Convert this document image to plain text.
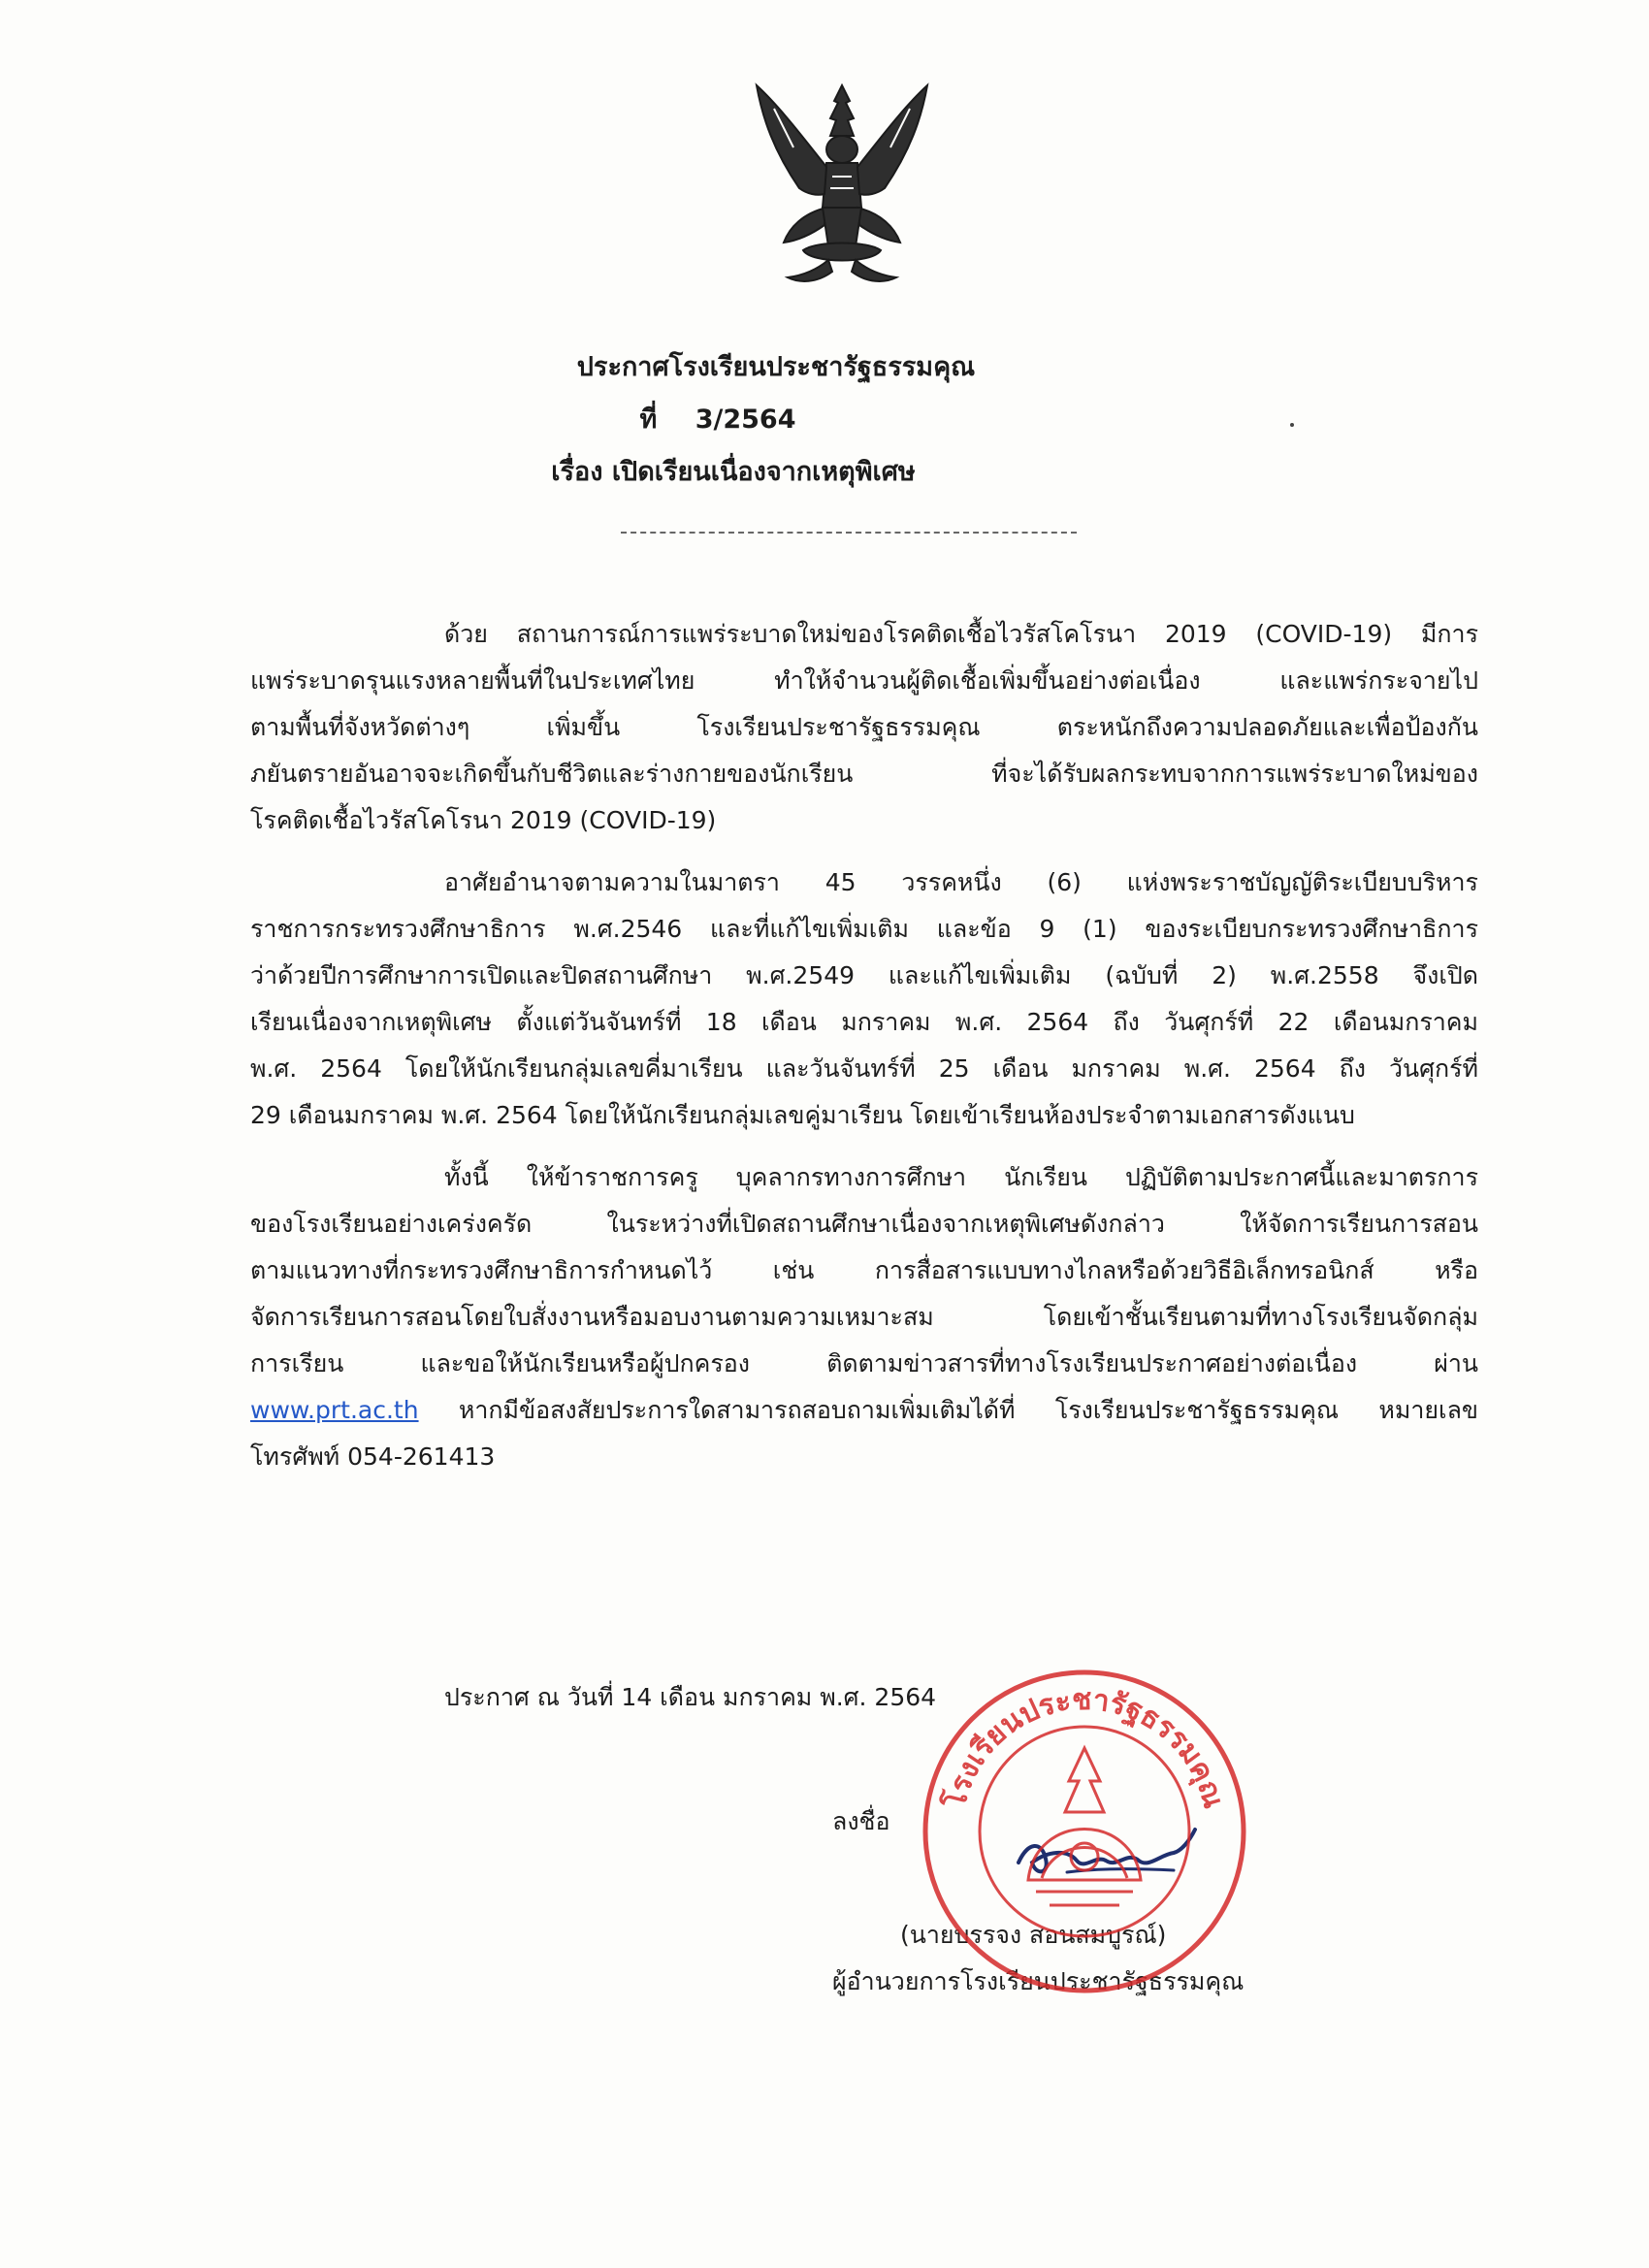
ประกาศโรงเรียนประชารัฐธรรมคุณ
ที่ 3/2564
เรื่อง เปิดเรียนเนื่องจากเหตุพิเศษ

ด้วย สถานการณ์การแพร่ระบาดใหม่ของโรคติดเชื้อไวรัสโคโรนา 2019 (COVID-19) มีการ
แพร่ระบาดรุนแรงหลายพื้นที่ในประเทศไทย ทำให้จำนวนผู้ติดเชื้อเพิ่มขึ้นอย่างต่อเนื่อง และแพร่กระจายไป
ตามพื้นที่จังหวัดต่างๆ เพิ่มขึ้น โรงเรียนประชารัฐธรรมคุณ ตระหนักถึงความปลอดภัยและเพื่อป้องกัน
ภยันตรายอันอาจจะเกิดขึ้นกับชีวิตและร่างกายของนักเรียน ที่จะได้รับผลกระทบจากการแพร่ระบาดใหม่ของ
โรคติดเชื้อไวรัสโคโรนา 2019 (COVID-19)

อาศัยอำนาจตามความในมาตรา 45 วรรคหนึ่ง (6) แห่งพระราชบัญญัติระเบียบบริหาร
ราชการกระทรวงศึกษาธิการ พ.ศ.2546 และที่แก้ไขเพิ่มเติม และข้อ 9 (1) ของระเบียบกระทรวงศึกษาธิการ
ว่าด้วยปีการศึกษาการเปิดและปิดสถานศึกษา พ.ศ.2549 และแก้ไขเพิ่มเติม (ฉบับที่ 2) พ.ศ.2558 จึงเปิด
เรียนเนื่องจากเหตุพิเศษ ตั้งแต่วันจันทร์ที่ 18 เดือน มกราคม พ.ศ. 2564 ถึง วันศุกร์ที่ 22 เดือนมกราคม
พ.ศ. 2564 โดยให้นักเรียนกลุ่มเลขคี่มาเรียน และวันจันทร์ที่ 25 เดือน มกราคม พ.ศ. 2564 ถึง วันศุกร์ที่
29 เดือนมกราคม พ.ศ. 2564 โดยให้นักเรียนกลุ่มเลขคู่มาเรียน โดยเข้าเรียนห้องประจำตามเอกสารดังแนบ

ทั้งนี้ ให้ข้าราชการครู บุคลากรทางการศึกษา นักเรียน ปฏิบัติตามประกาศนี้และมาตรการ
ของโรงเรียนอย่างเคร่งครัด ในระหว่างที่เปิดสถานศึกษาเนื่องจากเหตุพิเศษดังกล่าว ให้จัดการเรียนการสอน
ตามแนวทางที่กระทรวงศึกษาธิการกำหนดไว้ เช่น การสื่อสารแบบทางไกลหรือด้วยวิธีอิเล็กทรอนิกส์ หรือ
จัดการเรียนการสอนโดยใบสั่งงานหรือมอบงานตามความเหมาะสม โดยเข้าชั้นเรียนตามที่ทางโรงเรียนจัดกลุ่ม
การเรียน และขอให้นักเรียนหรือผู้ปกครอง ติดตามข่าวสารที่ทางโรงเรียนประกาศอย่างต่อเนื่อง ผ่าน
www.prt.ac.th หากมีข้อสงสัยประการใดสามารถสอบถามเพิ่มเติมได้ที่ โรงเรียนประชารัฐธรรมคุณ หมายเลข
โทรศัพท์ 054-261413

ประกาศ ณ วันที่ 14 เดือน มกราคม พ.ศ. 2564
ลงชื่อ
(นายบรรจง สอนสมบูรณ์)
ผู้อำนวยการโรงเรียนประชารัฐธรรมคุณ
โรงเรียนประชารัฐธรรมคุณ
